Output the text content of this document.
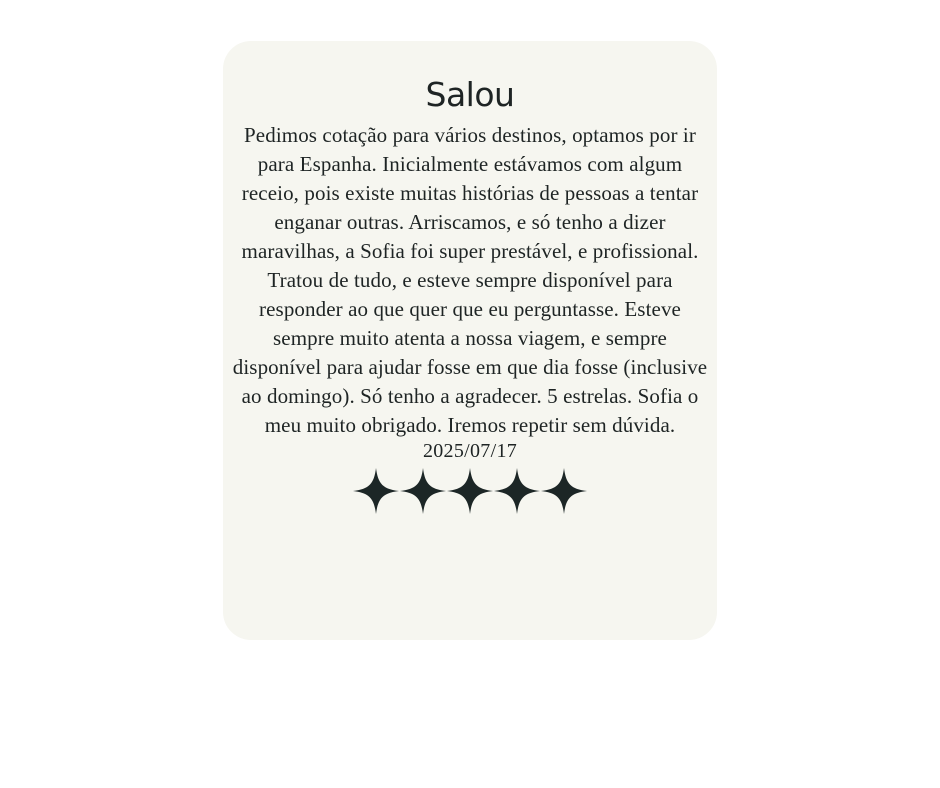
Salou

Pedimos cotação para vários destinos, optamos por ir para Espanha. Inicialmente estávamos com algum receio, pois existe muitas histórias de pessoas a tentar enganar outras. Arriscamos, e só tenho a dizer maravilhas, a Sofia foi super prestável, e profissional. Tratou de tudo, e esteve sempre disponível para responder ao que quer que eu perguntasse. Esteve sempre muito atenta a nossa viagem, e sempre disponível para ajudar fosse em que dia fosse (inclusive ao domingo). Só tenho a agradecer. 5 estrelas. Sofia o meu muito obrigado. Iremos repetir sem dúvida.

2025/07/17
